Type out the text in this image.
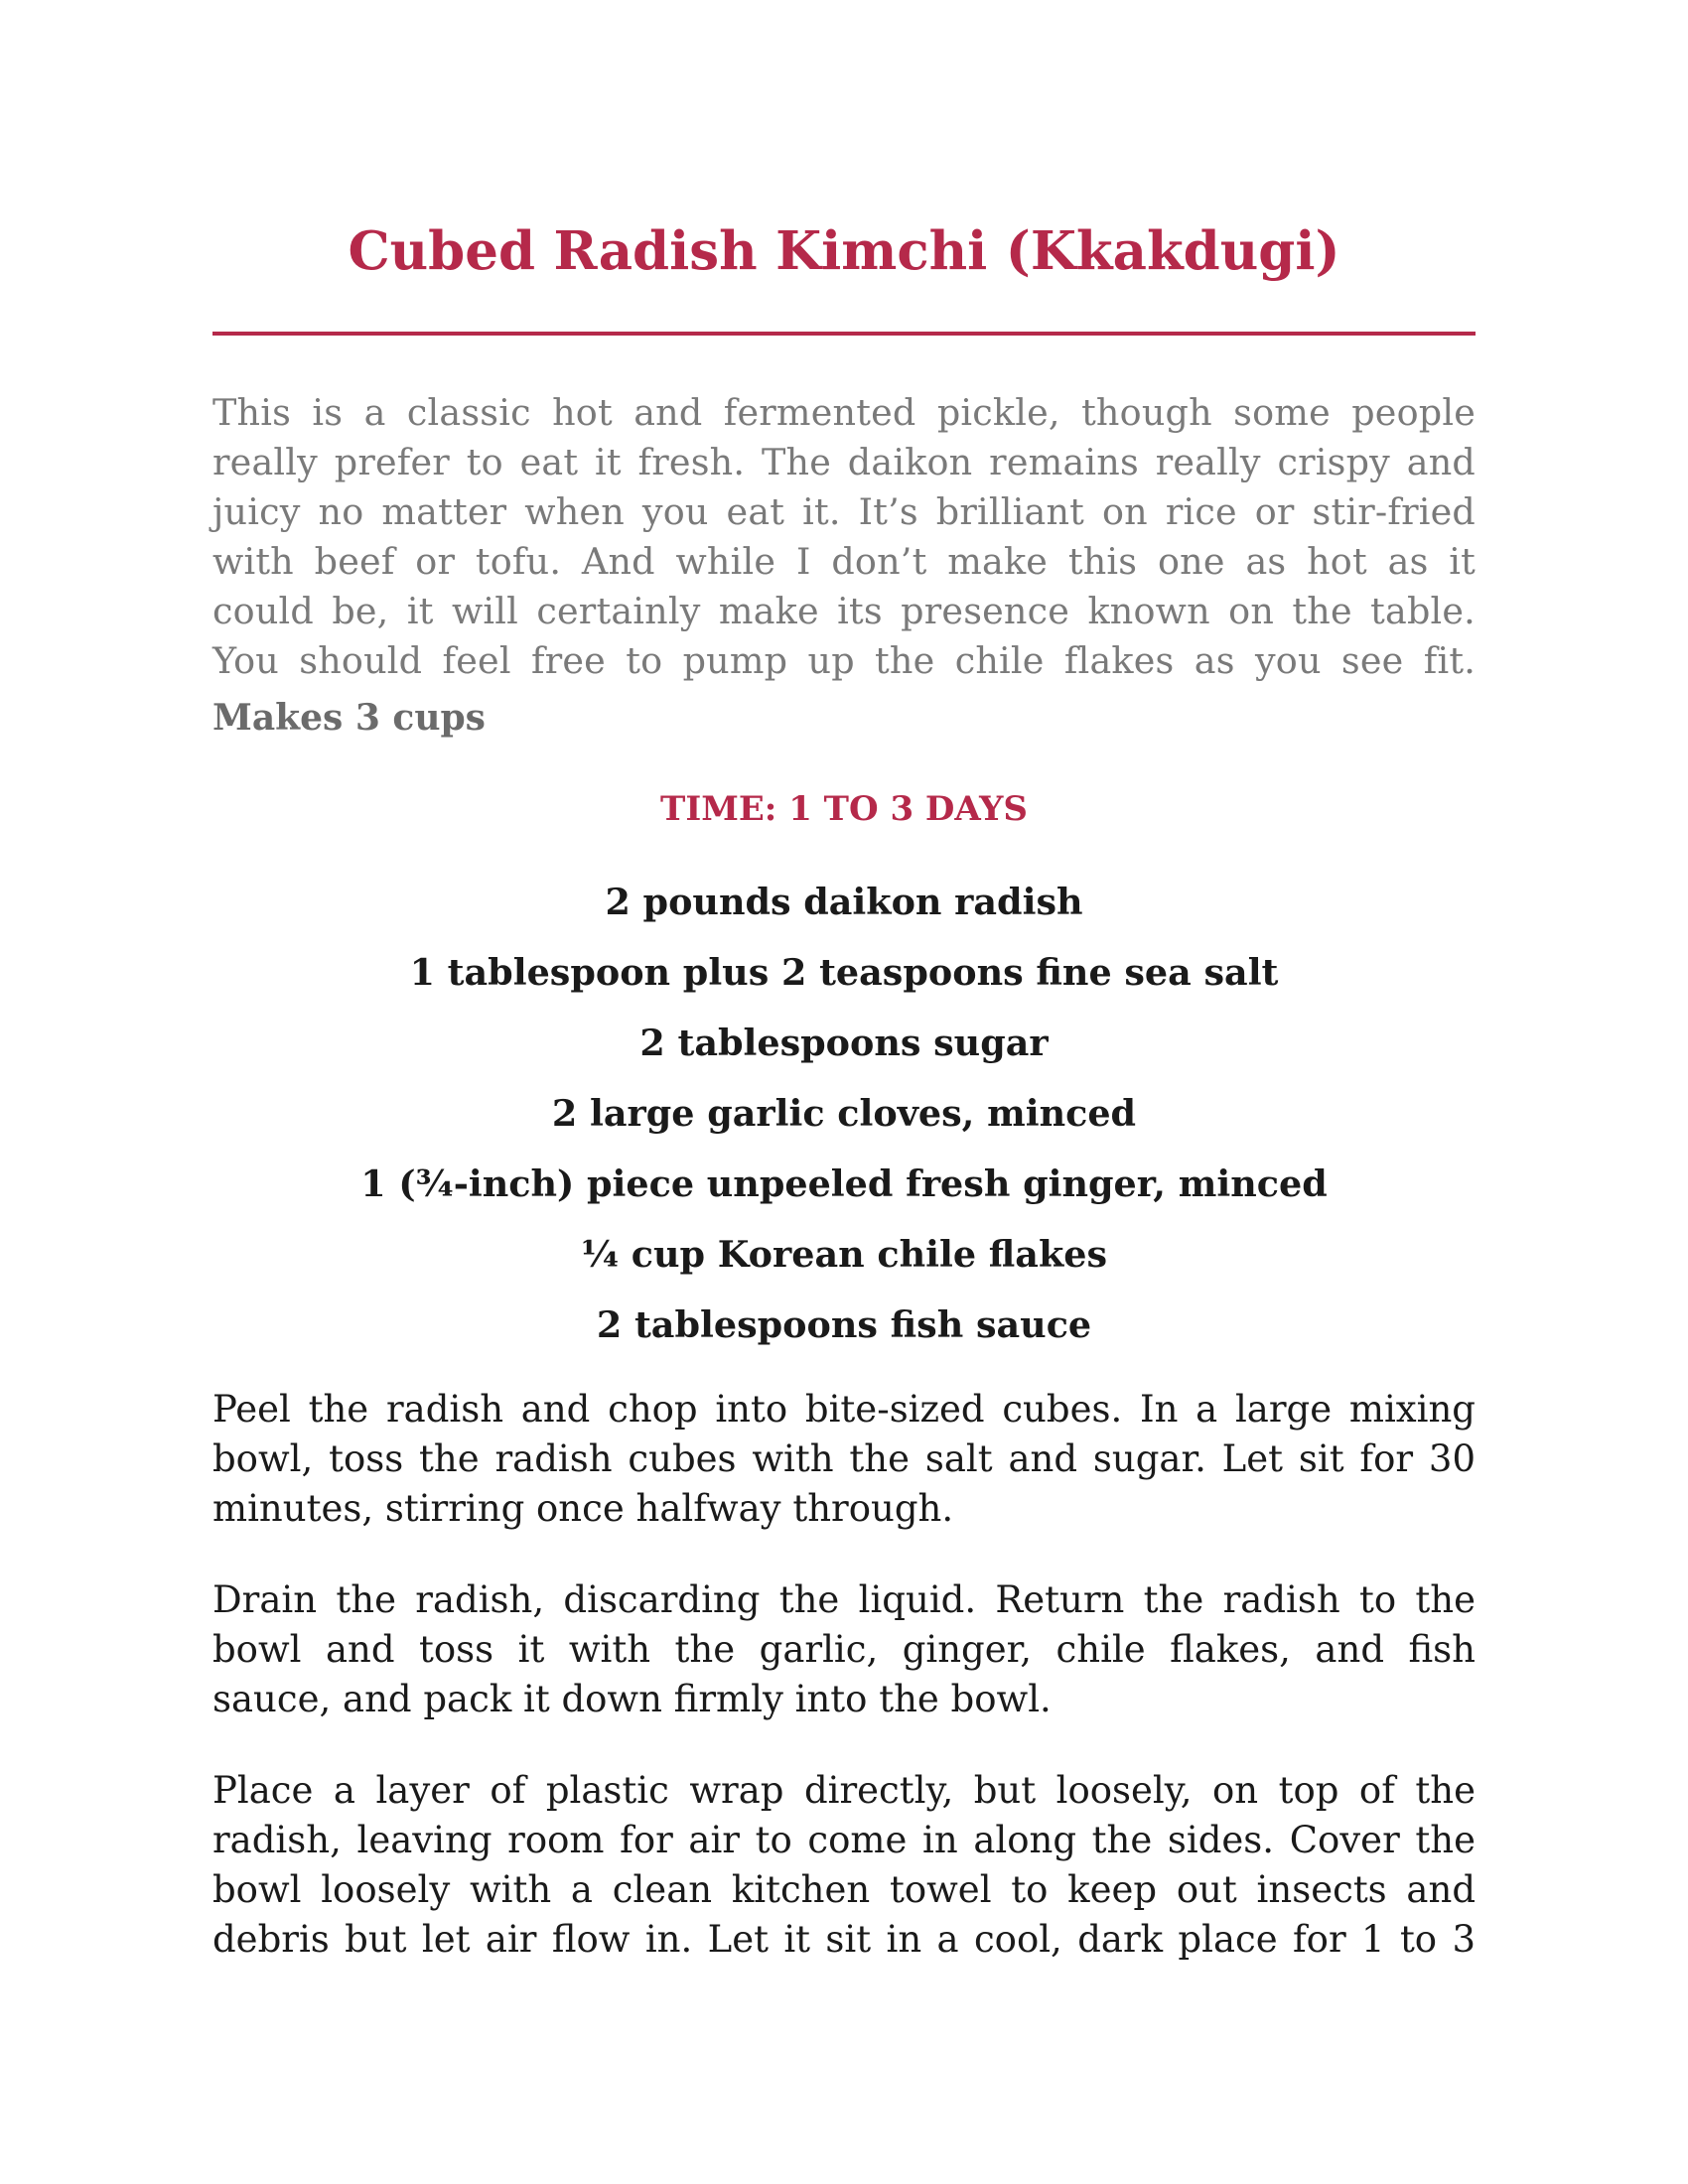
Cubed Radish Kimchi (Kkakdugi)

This is a classic hot and fermented pickle, though some people
really prefer to eat it fresh. The daikon remains really crispy and
juicy no matter when you eat it. It’s brilliant on rice or stir-fried
with beef or tofu. And while I don’t make this one as hot as it
could be, it will certainly make its presence known on the table.
You should feel free to pump up the chile flakes as you see fit.

Makes 3 cups

TIME: 1 TO 3 DAYS

2 pounds daikon radish
1 tablespoon plus 2 teaspoons fine sea salt
2 tablespoons sugar
2 large garlic cloves, minced
1 (¾-inch) piece unpeeled fresh ginger, minced
¼ cup Korean chile flakes
2 tablespoons fish sauce

Peel the radish and chop into bite-sized cubes. In a large mixing
bowl, toss the radish cubes with the salt and sugar. Let sit for 30
minutes, stirring once halfway through.

Drain the radish, discarding the liquid. Return the radish to the
bowl and toss it with the garlic, ginger, chile flakes, and fish
sauce, and pack it down firmly into the bowl.

Place a layer of plastic wrap directly, but loosely, on top of the
radish, leaving room for air to come in along the sides. Cover the
bowl loosely with a clean kitchen towel to keep out insects and
debris but let air flow in. Let it sit in a cool, dark place for 1 to 3
